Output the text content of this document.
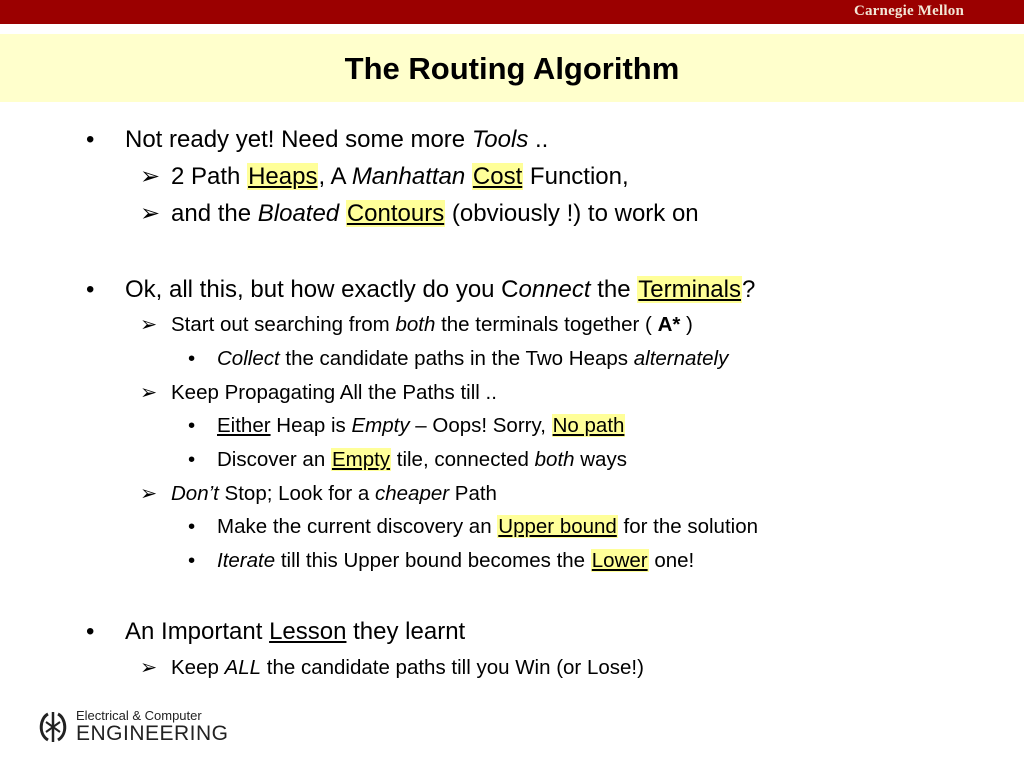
Carnegie Mellon
The Routing Algorithm
• Not ready yet! Need some more Tools ..
➢ 2 Path Heaps, A Manhattan Cost Function,
➢ and the Bloated Contours (obviously !) to work on
• Ok, all this, but how exactly do you Connect the Terminals?
➢ Start out searching from both the terminals together ( A* )
• Collect the candidate paths in the Two Heaps alternately
➢ Keep Propagating All the Paths till ..
• Either Heap is Empty – Oops! Sorry, No path
• Discover an Empty tile, connected both ways
➢ Don’t Stop; Look for a cheaper Path
• Make the current discovery an Upper bound for the solution
• Iterate till this Upper bound becomes the Lower one!
• An Important Lesson they learnt
➢ Keep ALL the candidate paths till you Win (or Lose!)
Electrical & Computer
ENGINEERING
